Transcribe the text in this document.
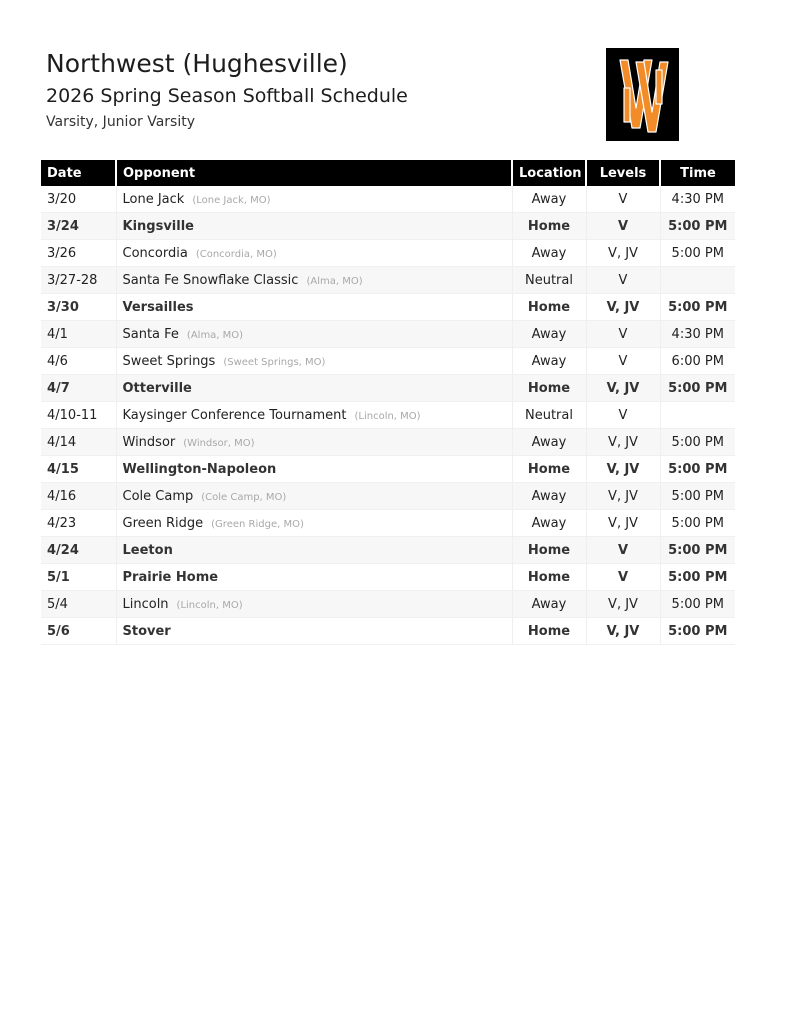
Northwest (Hughesville)
2026 Spring Season Softball Schedule
Varsity, Junior Varsity
Date	Opponent	Location	Levels	Time
3/20	Lone Jack (Lone Jack, MO)	Away	V	4:30 PM
3/24	Kingsville	Home	V	5:00 PM
3/26	Concordia (Concordia, MO)	Away	V, JV	5:00 PM
3/27-28	Santa Fe Snowflake Classic (Alma, MO)	Neutral	V	
3/30	Versailles	Home	V, JV	5:00 PM
4/1	Santa Fe (Alma, MO)	Away	V	4:30 PM
4/6	Sweet Springs (Sweet Springs, MO)	Away	V	6:00 PM
4/7	Otterville	Home	V, JV	5:00 PM
4/10-11	Kaysinger Conference Tournament (Lincoln, MO)	Neutral	V	
4/14	Windsor (Windsor, MO)	Away	V, JV	5:00 PM
4/15	Wellington-Napoleon	Home	V, JV	5:00 PM
4/16	Cole Camp (Cole Camp, MO)	Away	V, JV	5:00 PM
4/23	Green Ridge (Green Ridge, MO)	Away	V, JV	5:00 PM
4/24	Leeton	Home	V	5:00 PM
5/1	Prairie Home	Home	V	5:00 PM
5/4	Lincoln (Lincoln, MO)	Away	V, JV	5:00 PM
5/6	Stover	Home	V, JV	5:00 PM
